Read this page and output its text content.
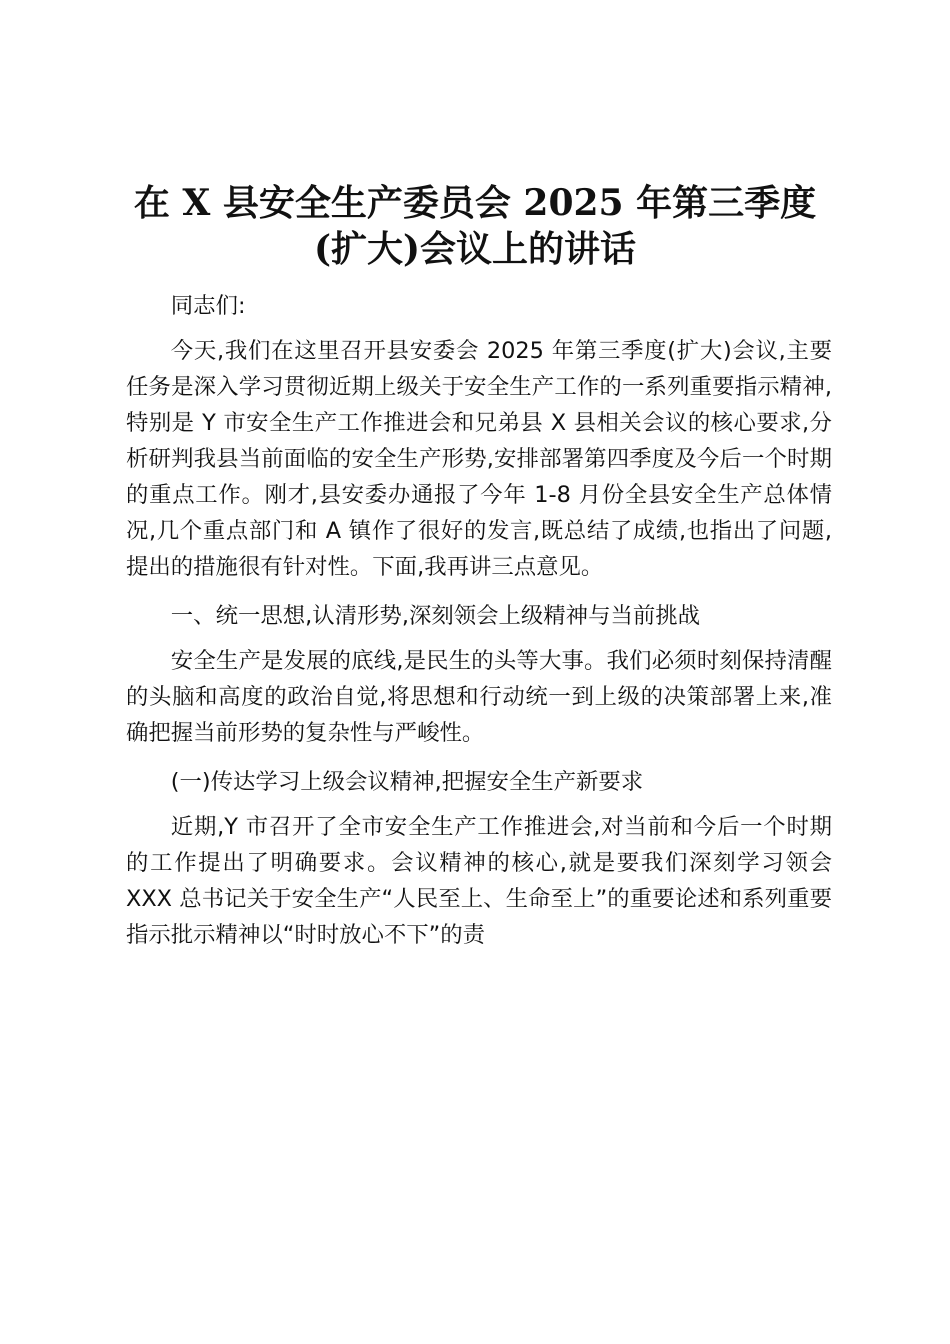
在 X 县安全生产委员会 2025 年第三季度(扩大)会议上的讲话

同志们:

今天,我们在这里召开县安委会 2025 年第三季度(扩大)会议,主要任务是深入学习贯彻近期上级关于安全生产工作的一系列重要指示精神,特别是 Y 市安全生产工作推进会和兄弟县 X 县相关会议的核心要求,分析研判我县当前面临的安全生产形势,安排部署第四季度及今后一个时期的重点工作。刚才,县安委办通报了今年 1-8 月份全县安全生产总体情况,几个重点部门和 A 镇作了很好的发言,既总结了成绩,也指出了问题,提出的措施很有针对性。下面,我再讲三点意见。

一、统一思想,认清形势,深刻领会上级精神与当前挑战

安全生产是发展的底线,是民生的头等大事。我们必须时刻保持清醒的头脑和高度的政治自觉,将思想和行动统一到上级的决策部署上来,准确把握当前形势的复杂性与严峻性。

(一)传达学习上级会议精神,把握安全生产新要求

近期,Y 市召开了全市安全生产工作推进会,对当前和今后一个时期的工作提出了明确要求。会议精神的核心,就是要我们深刻学习领会 XXX 总书记关于安全生产“人民至上、生命至上”的重要论述和系列重要指示批示精神以“时时放心不下”的责
